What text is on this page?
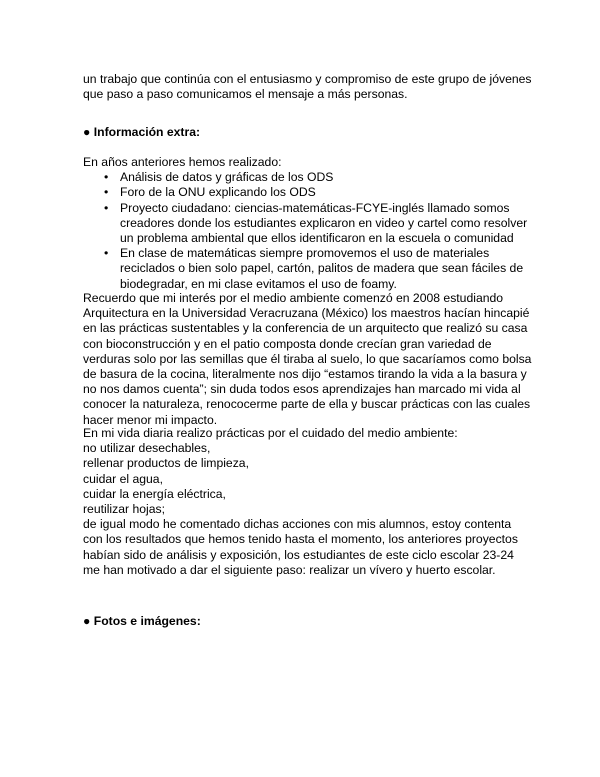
un trabajo que continúa con el entusiasmo y compromiso de este grupo de jóvenes
que paso a paso comunicamos el mensaje a más personas.
● Información extra:
En años anteriores hemos realizado:
• Análisis de datos y gráficas de los ODS
• Foro de la ONU explicando los ODS
• Proyecto ciudadano: ciencias-matemáticas-FCYE-inglés llamado somos
creadores donde los estudiantes explicaron en video y cartel como resolver
un problema ambiental que ellos identificaron en la escuela o comunidad
• En clase de matemáticas siempre promovemos el uso de materiales
reciclados o bien solo papel, cartón, palitos de madera que sean fáciles de
biodegradar, en mi clase evitamos el uso de foamy.
Recuerdo que mi interés por el medio ambiente comenzó en 2008 estudiando
Arquitectura en la Universidad Veracruzana (México) los maestros hacían hincapié
en las prácticas sustentables y la conferencia de un arquitecto que realizó su casa
con bioconstrucción y en el patio composta donde crecían gran variedad de
verduras solo por las semillas que él tiraba al suelo, lo que sacaríamos como bolsa
de basura de la cocina, literalmente nos dijo “estamos tirando la vida a la basura y
no nos damos cuenta”; sin duda todos esos aprendizajes han marcado mi vida al
conocer la naturaleza, renococerme parte de ella y buscar prácticas con las cuales
hacer menor mi impacto.
En mi vida diaria realizo prácticas por el cuidado del medio ambiente:
no utilizar desechables,
rellenar productos de limpieza,
cuidar el agua,
cuidar la energía eléctrica,
reutilizar hojas;
de igual modo he comentado dichas acciones con mis alumnos, estoy contenta
con los resultados que hemos tenido hasta el momento, los anteriores proyectos
habían sido de análisis y exposición, los estudiantes de este ciclo escolar 23-24
me han motivado a dar el siguiente paso: realizar un vívero y huerto escolar.
● Fotos e imágenes:
